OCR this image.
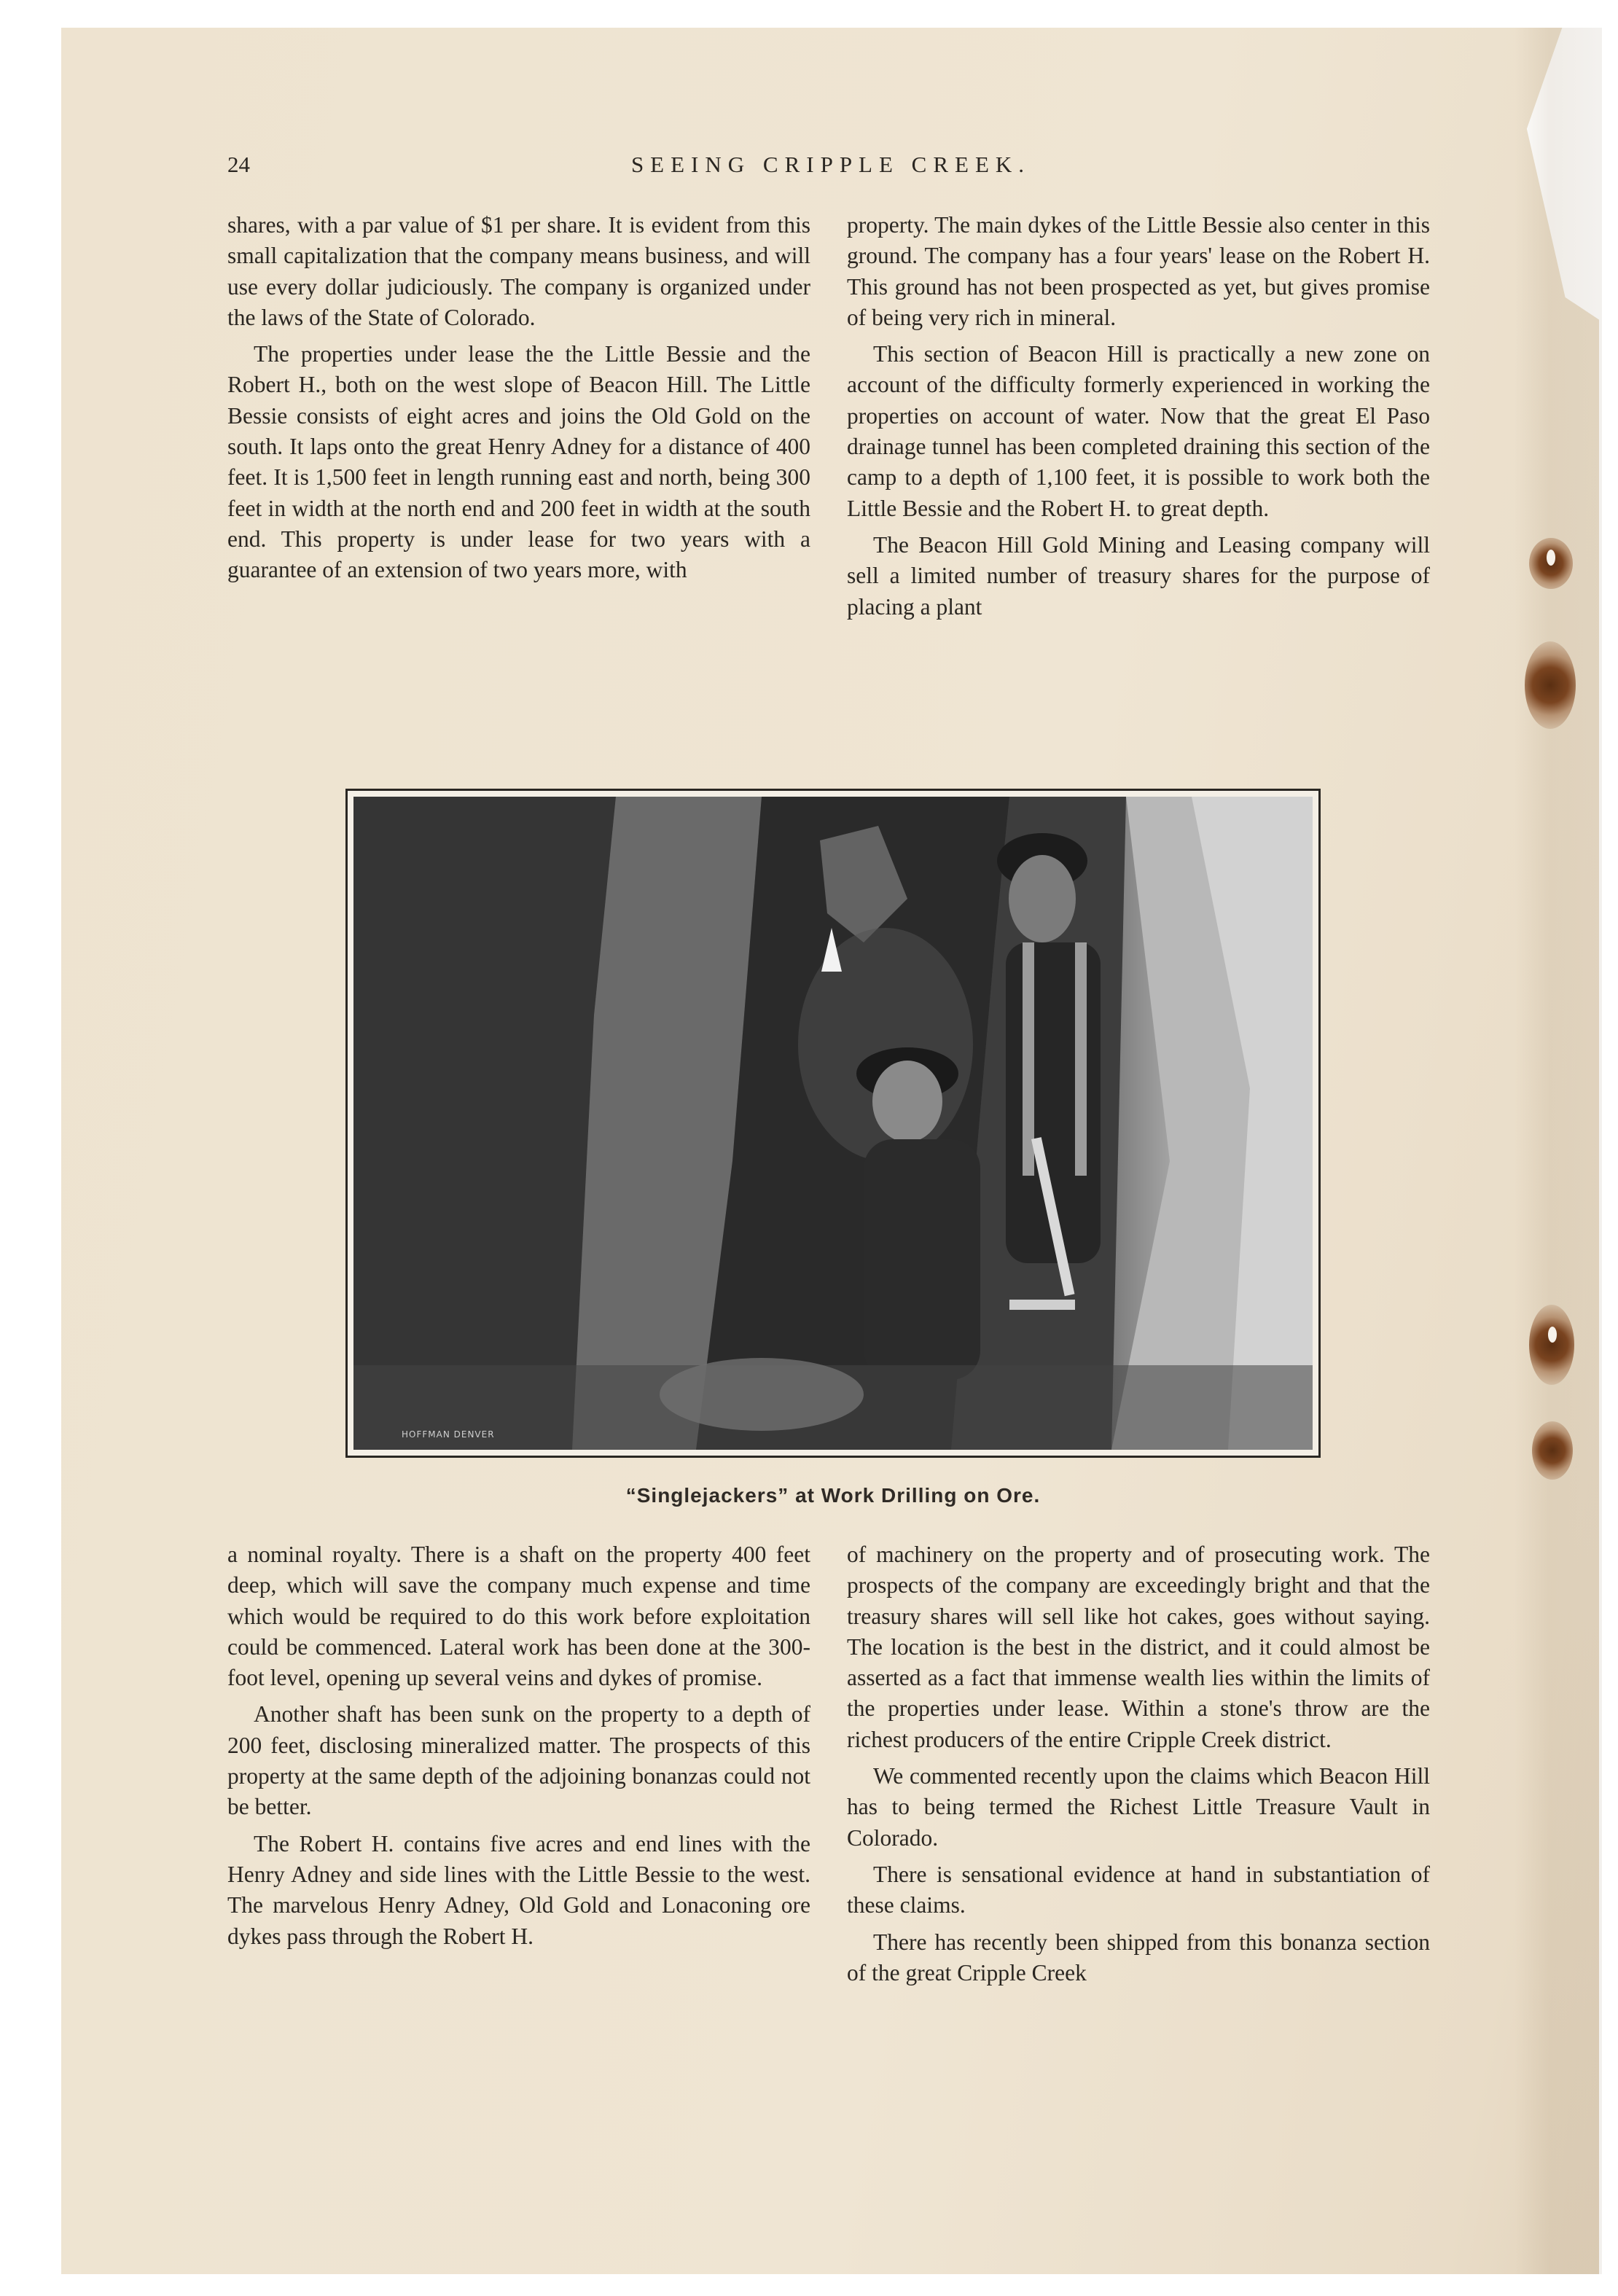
24	SEEING CRIPPLE CREEK.

shares, with a par value of $1 per share. It is evident from this small capitalization that the company means business, and will use every dollar judiciously. The company is organized under the laws of the State of Colorado.

The properties under lease the the Little Bessie and the Robert H., both on the west slope of Beacon Hill. The Little Bessie consists of eight acres and joins the Old Gold on the south. It laps onto the great Henry Adney for a distance of 400 feet. It is 1,500 feet in length running east and north, being 300 feet in width at the north end and 200 feet in width at the south end. This property is under lease for two years with a guarantee of an extension of two years more, with

property. The main dykes of the Little Bessie also center in this ground. The company has a four years' lease on the Robert H. This ground has not been prospected as yet, but gives promise of being very rich in mineral.

This section of Beacon Hill is practically a new zone on account of the difficulty formerly experienced in working the properties on account of water. Now that the great El Paso drainage tunnel has been completed draining this section of the camp to a depth of 1,100 feet, it is possible to work both the Little Bessie and the Robert H. to great depth.

The Beacon Hill Gold Mining and Leasing company will sell a limited number of treasury shares for the purpose of placing a plant

HOFFMAN DENVER
“Singlejackers” at Work Drilling on Ore.

a nominal royalty. There is a shaft on the property 400 feet deep, which will save the company much expense and time which would be required to do this work before exploitation could be commenced. Lateral work has been done at the 300-foot level, opening up several veins and dykes of promise.

Another shaft has been sunk on the property to a depth of 200 feet, disclosing mineralized matter. The prospects of this property at the same depth of the adjoining bonanzas could not be better.

The Robert H. contains five acres and end lines with the Henry Adney and side lines with the Little Bessie to the west. The marvelous Henry Adney, Old Gold and Lonaconing ore dykes pass through the Robert H.

of machinery on the property and of prosecuting work. The prospects of the company are exceedingly bright and that the treasury shares will sell like hot cakes, goes without saying. The location is the best in the district, and it could almost be asserted as a fact that immense wealth lies within the limits of the properties under lease. Within a stone's throw are the richest producers of the entire Cripple Creek district.

We commented recently upon the claims which Beacon Hill has to being termed the Richest Little Treasure Vault in Colorado.

There is sensational evidence at hand in substantiation of these claims.

There has recently been shipped from this bonanza section of the great Cripple Creek
